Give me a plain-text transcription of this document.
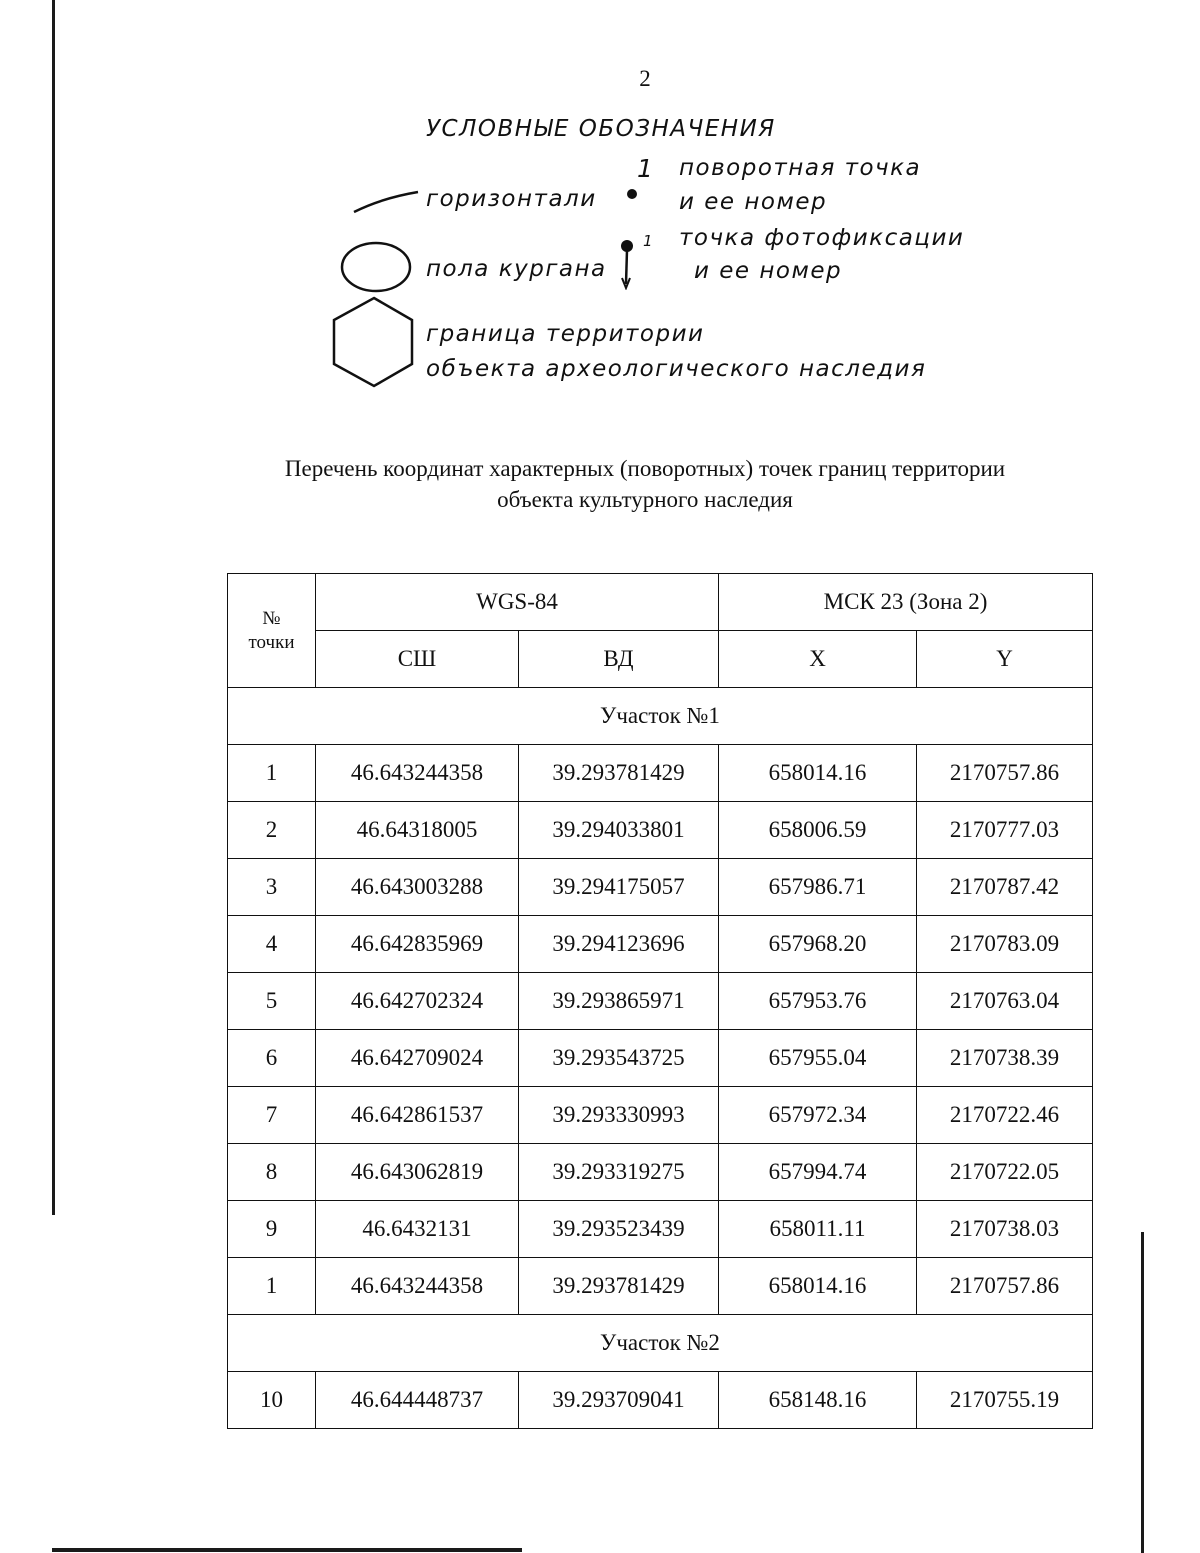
2
УСЛОВНЫЕ ОБОЗНАЧЕНИЯ
горизонтали
1 поворотная точка
и ее номер
1 точка фотофиксации
и ее номер
пола кургана
граница территории
объекта археологического наследия
Перечень координат характерных (поворотных) точек границ территории
объекта культурного наследия
№
точки	WGS-84		МСК 23 (Зона 2)	
	СШ	ВД	X	Y
Участок №1				
1	46.643244358	39.293781429	658014.16	2170757.86
2	46.64318005	39.294033801	658006.59	2170777.03
3	46.643003288	39.294175057	657986.71	2170787.42
4	46.642835969	39.294123696	657968.20	2170783.09
5	46.642702324	39.293865971	657953.76	2170763.04
6	46.642709024	39.293543725	657955.04	2170738.39
7	46.642861537	39.293330993	657972.34	2170722.46
8	46.643062819	39.293319275	657994.74	2170722.05
9	46.6432131	39.293523439	658011.11	2170738.03
1	46.643244358	39.293781429	658014.16	2170757.86
Участок №2				
10	46.644448737	39.293709041	658148.16	2170755.19
